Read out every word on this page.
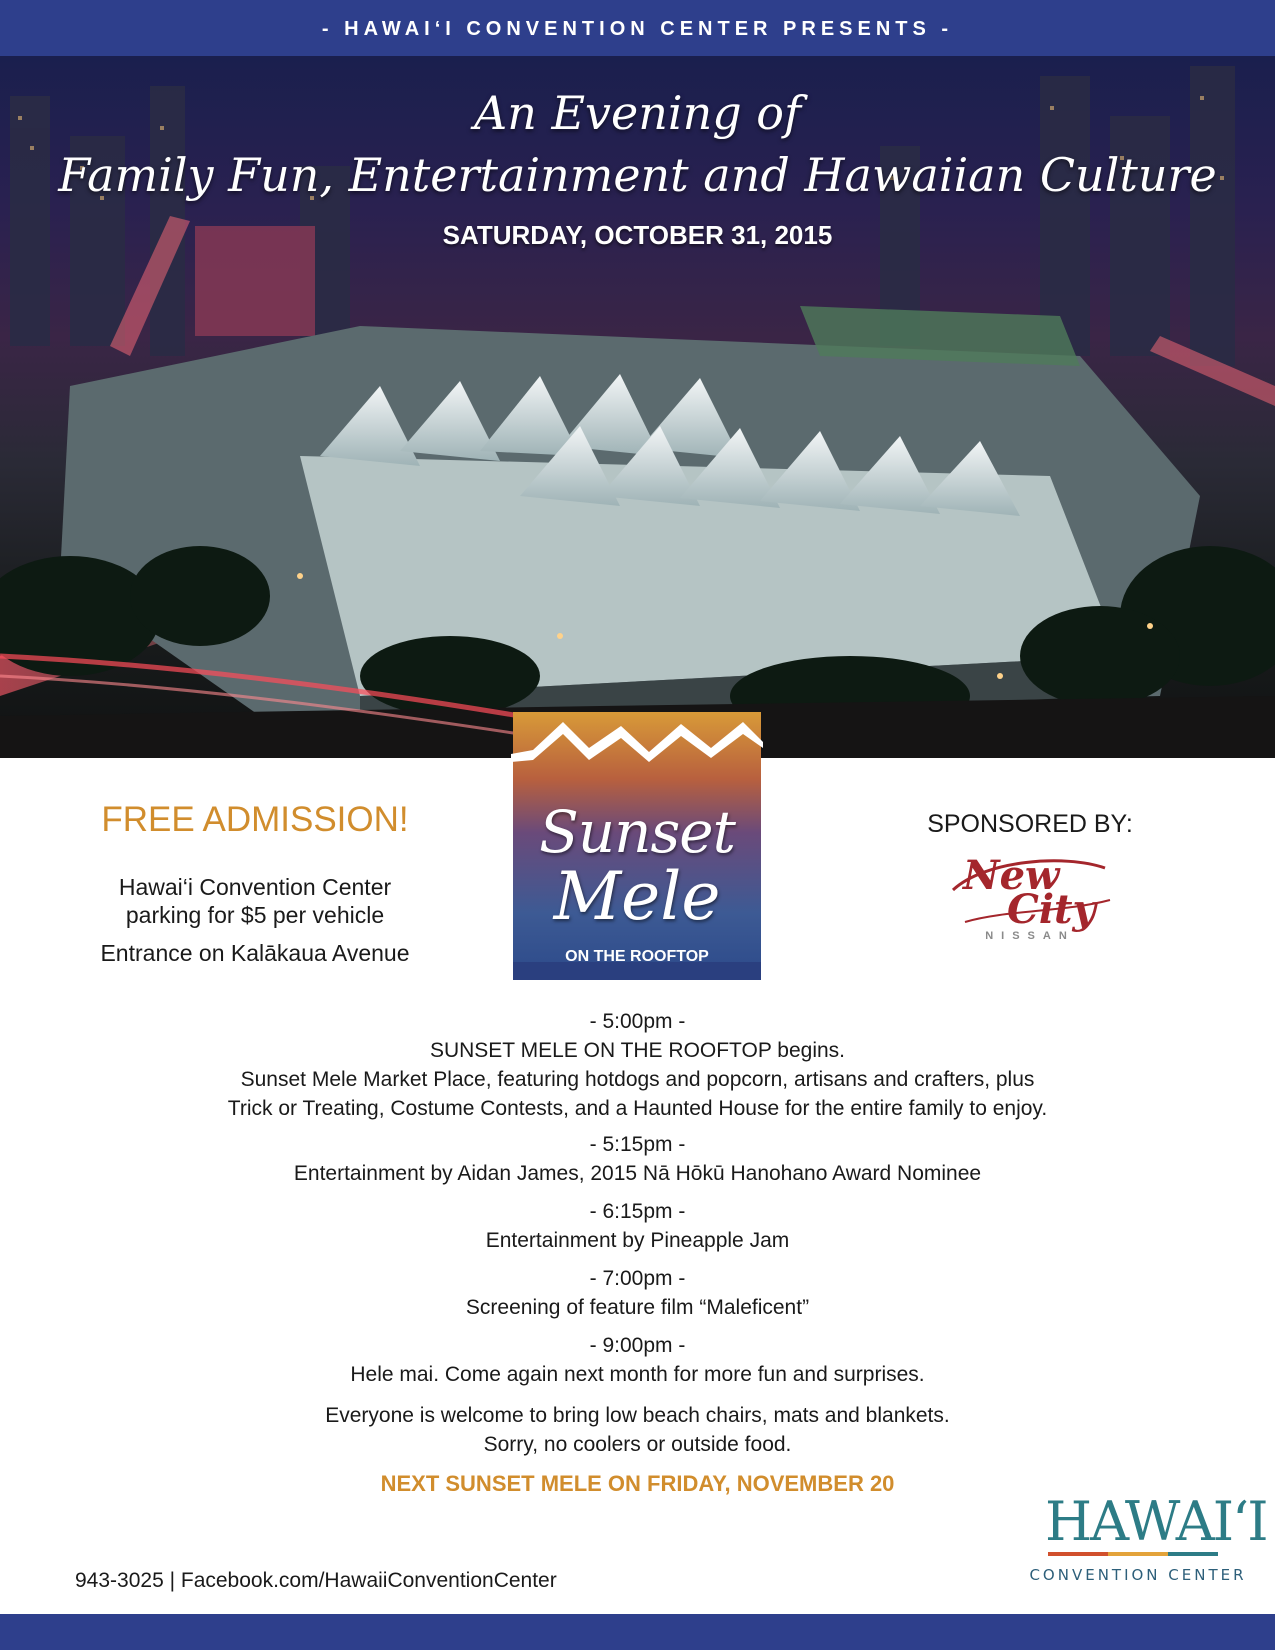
- HAWAI‘I CONVENTION CENTER PRESENTS -
An Evening of
Family Fun, Entertainment and Hawaiian Culture
SATURDAY, OCTOBER 31, 2015
FREE ADMISSION!
Hawai‘i Convention Center
parking for $5 per vehicle
Entrance on Kalākaua Avenue
Sunset
Mele
ON THE ROOFTOP
SPONSORED BY:
New
City
NISSAN
- 5:00pm -
SUNSET MELE ON THE ROOFTOP begins.
Sunset Mele Market Place, featuring hotdogs and popcorn, artisans and crafters, plus
Trick or Treating, Costume Contests, and a Haunted House for the entire family to enjoy.
- 5:15pm -
Entertainment by Aidan James, 2015 Nā Hōkū Hanohano Award Nominee
- 6:15pm -
Entertainment by Pineapple Jam
- 7:00pm -
Screening of feature film “Maleficent”
- 9:00pm -
Hele mai. Come again next month for more fun and surprises.
Everyone is welcome to bring low beach chairs, mats and blankets.
Sorry, no coolers or outside food.
NEXT SUNSET MELE ON FRIDAY, NOVEMBER 20
943-3025 | Facebook.com/HawaiiConventionCenter
HAWAI‘I
CONVENTION CENTER
